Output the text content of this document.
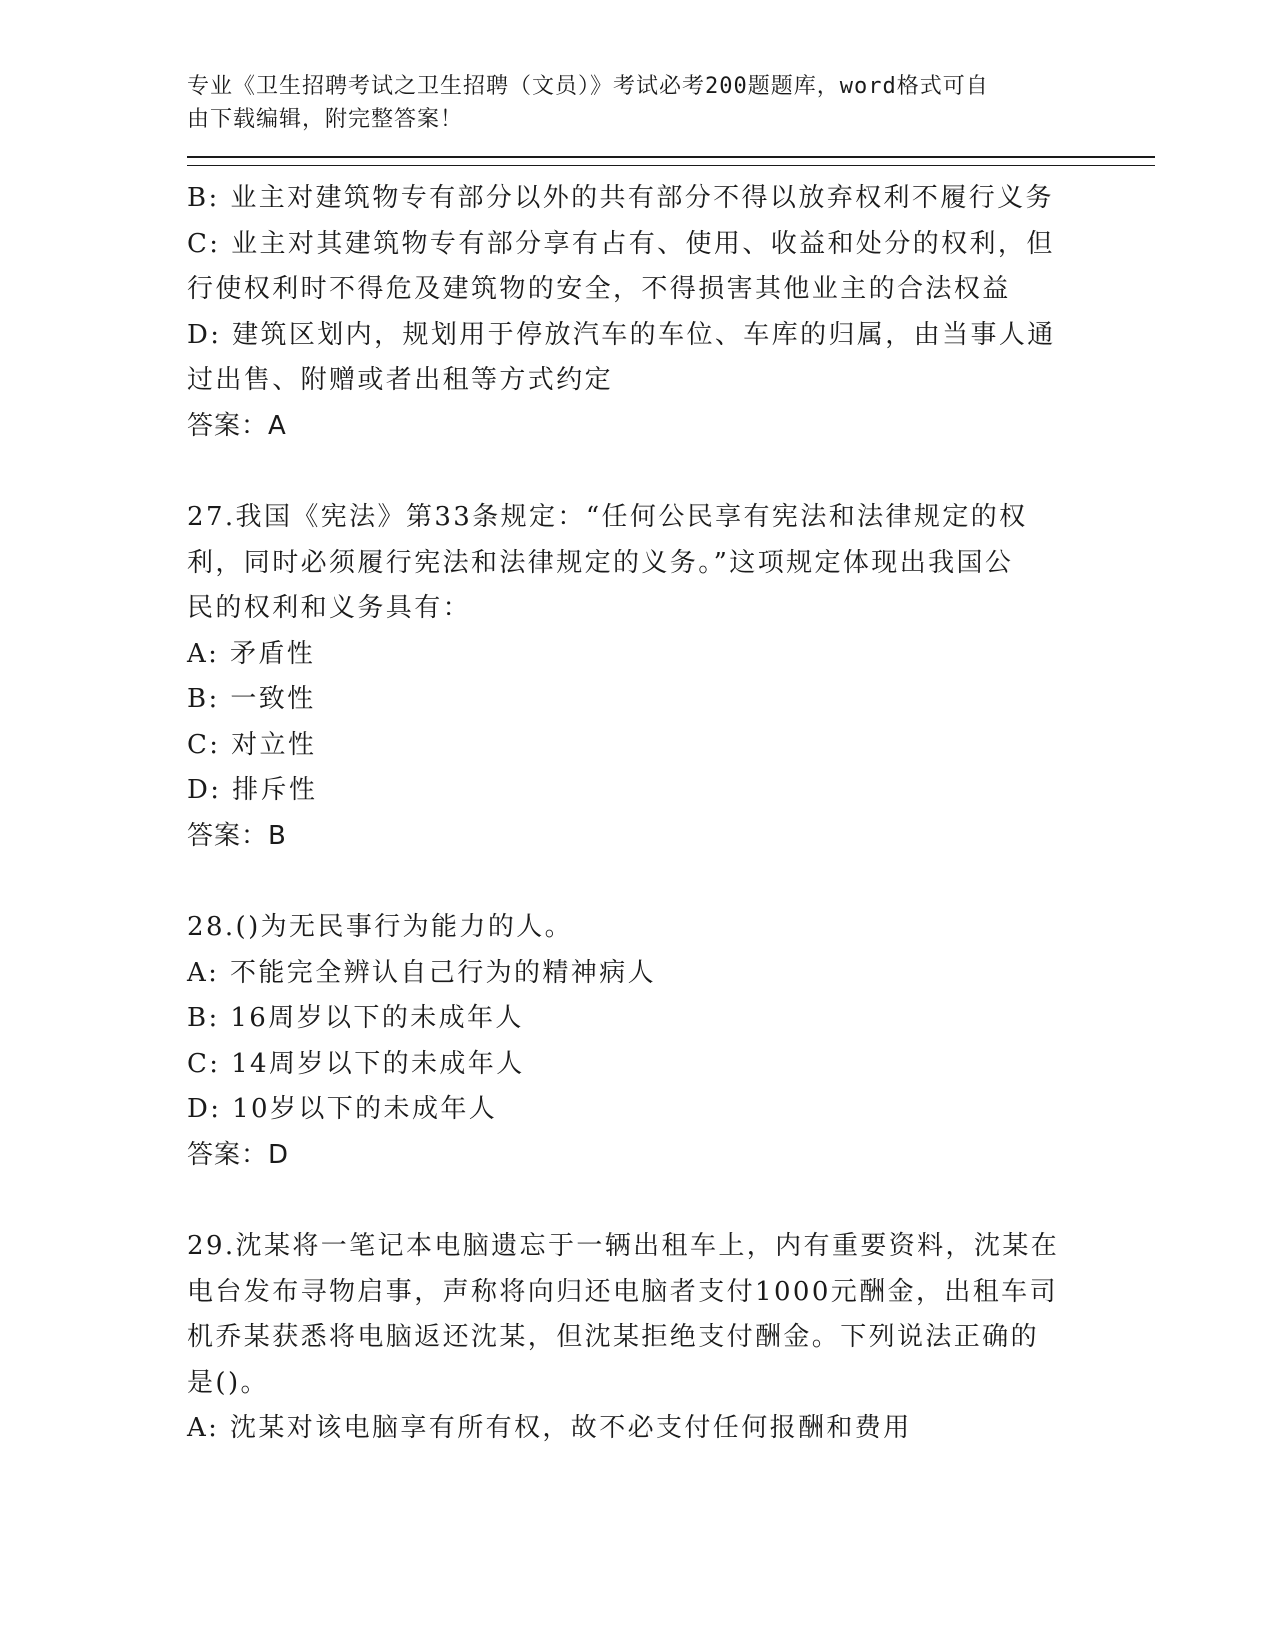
专业《卫生招聘考试之卫生招聘（文员）》考试必考200题题库，word格式可自
由下载编辑，附完整答案！
B: 业主对建筑物专有部分以外的共有部分不得以放弃权利不履行义务
C: 业主对其建筑物专有部分享有占有、使用、收益和处分的权利，但
行使权利时不得危及建筑物的安全，不得损害其他业主的合法权益
D: 建筑区划内，规划用于停放汽车的车位、车库的归属，由当事人通
过出售、附赠或者出租等方式约定
答案：A
27.我国《宪法》第33条规定：“任何公民享有宪法和法律规定的权
利，同时必须履行宪法和法律规定的义务。”这项规定体现出我国公
民的权利和义务具有：
A: 矛盾性
B: 一致性
C: 对立性
D: 排斥性
答案：B
28.()为无民事行为能力的人。
A: 不能完全辨认自己行为的精神病人
B: 16周岁以下的未成年人
C: 14周岁以下的未成年人
D: 10岁以下的未成年人
答案：D
29.沈某将一笔记本电脑遗忘于一辆出租车上，内有重要资料，沈某在
电台发布寻物启事，声称将向归还电脑者支付1000元酬金，出租车司
机乔某获悉将电脑返还沈某，但沈某拒绝支付酬金。下列说法正确的
是()。
A: 沈某对该电脑享有所有权，故不必支付任何报酬和费用
